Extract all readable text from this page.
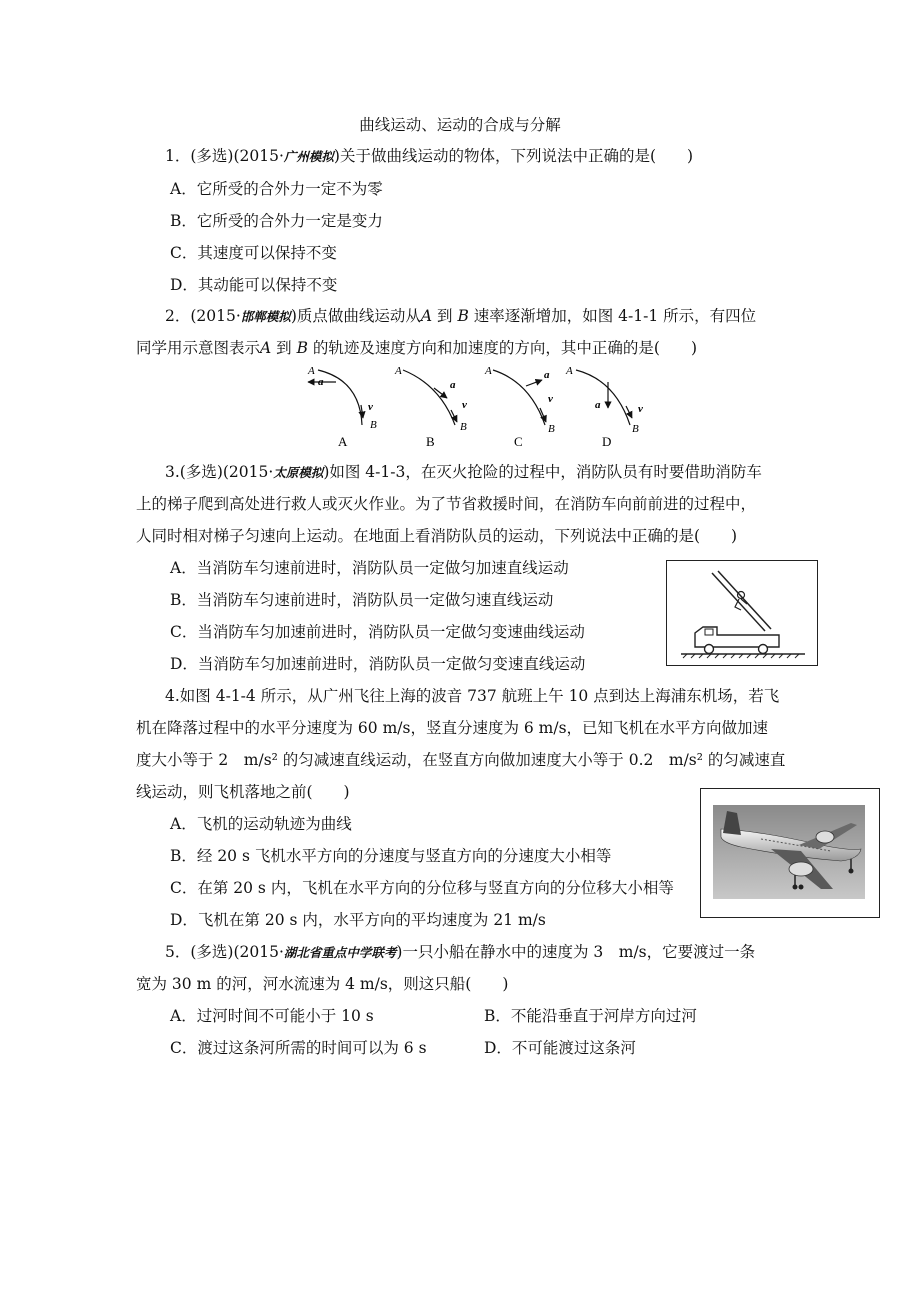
曲线运动、运动的合成与分解
1．(多选)(2015·广州模拟)关于做曲线运动的物体，下列说法中正确的是(　　)
A．它所受的合外力一定不为零
B．它所受的合外力一定是变力
C．其速度可以保持不变
D．其动能可以保持不变
2．(2015·邯郸模拟)质点做曲线运动从A 到 B 速率逐渐增加，如图 4-1-1 所示，有四位
同学用示意图表示A 到 B 的轨迹及速度方向和加速度的方向，其中正确的是(　　)
A
a
v
B
A
A
a
v
B
B
A	a
v
B
C
A
a	v
B
D
3.(多选)(2015·太原模拟)如图 4-1-3，在灭火抢险的过程中，消防队员有时要借助消防车
上的梯子爬到高处进行救人或灭火作业。为了节省救援时间，在消防车向前前进的过程中，
人同时相对梯子匀速向上运动。在地面上看消防队员的运动，下列说法中正确的是(　　)
A．当消防车匀速前进时，消防队员一定做匀加速直线运动
B．当消防车匀速前进时，消防队员一定做匀速直线运动
C．当消防车匀加速前进时，消防队员一定做匀变速曲线运动
D．当消防车匀加速前进时，消防队员一定做匀变速直线运动
4.如图 4-1-4 所示，从广州飞往上海的波音 737 航班上午 10 点到达上海浦东机场，若飞
机在降落过程中的水平分速度为 60 m/s，竖直分速度为 6 m/s，已知飞机在水平方向做加速
度大小等于 2　m/s² 的匀减速直线运动，在竖直方向做加速度大小等于 0.2　m/s² 的匀减速直
线运动，则飞机落地之前(　　)
A．飞机的运动轨迹为曲线
B．经 20 s 飞机水平方向的分速度与竖直方向的分速度大小相等
C．在第 20 s 内，飞机在水平方向的分位移与竖直方向的分位移大小相等
D．飞机在第 20 s 内，水平方向的平均速度为 21 m/s
5．(多选)(2015·湖北省重点中学联考)一只小船在静水中的速度为 3　m/s，它要渡过一条
宽为 30 m 的河，河水流速为 4 m/s，则这只船(　　)
A．过河时间不可能小于 10 s	B．不能沿垂直于河岸方向过河
C．渡过这条河所需的时间可以为 6 s	D．不可能渡过这条河
